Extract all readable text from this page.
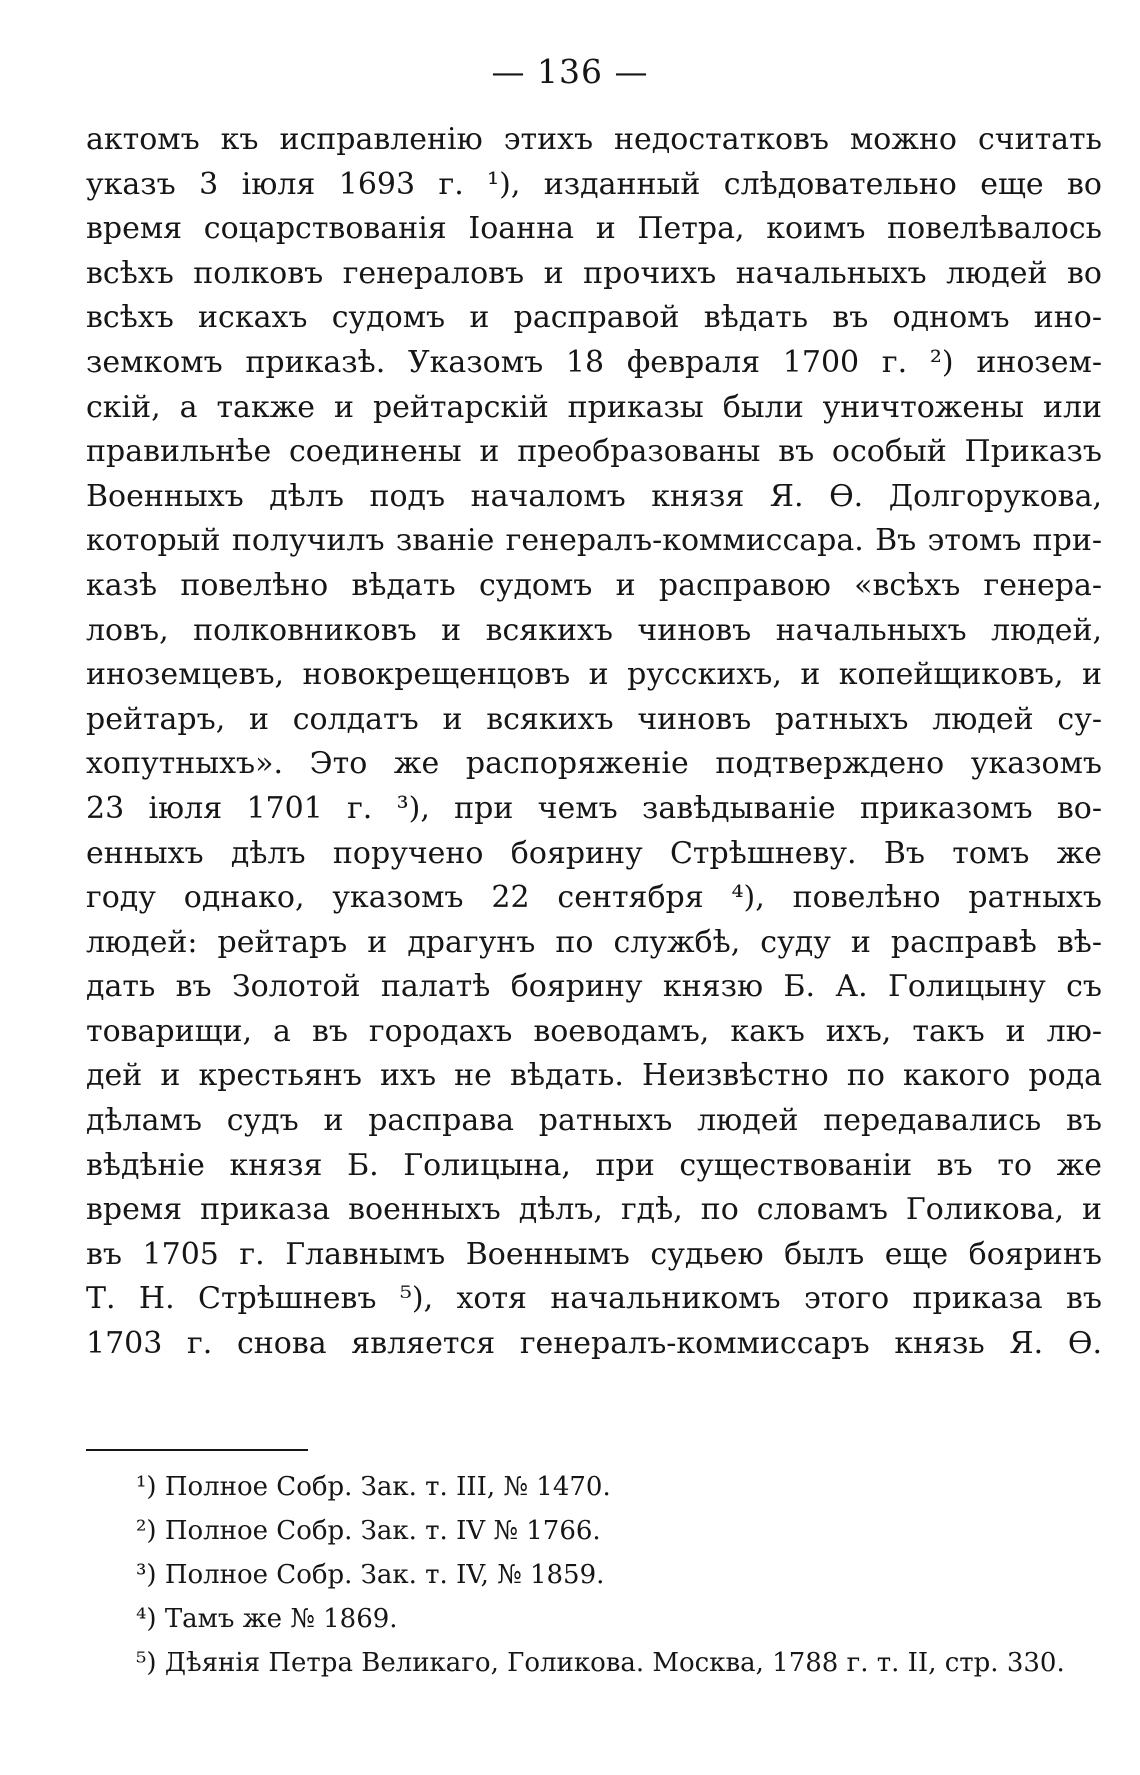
— 136 —
актомъ къ исправленію этихъ недостатковъ можно считать
указъ 3 іюля 1693 г. ¹), изданный слѣдовательно еще во
время соцарствованія Іоанна и Петра, коимъ повелѣвалось
всѣхъ полковъ генераловъ и прочихъ начальныхъ людей во
всѣхъ искахъ судомъ и расправой вѣдать въ одномъ ино-
земкомъ приказѣ. Указомъ 18 февраля 1700 г. ²) инозем-
скій, а также и рейтарскій приказы были уничтожены или
правильнѣе соединены и преобразованы въ особый Приказъ
Военныхъ дѣлъ подъ началомъ князя Я. Ѳ. Долгорукова,
который получилъ званіе генералъ-коммиссара. Въ этомъ при-
казѣ повелѣно вѣдать судомъ и расправою «всѣхъ генера-
ловъ, полковниковъ и всякихъ чиновъ начальныхъ людей,
иноземцевъ, новокрещенцовъ и русскихъ, и копейщиковъ, и
рейтаръ, и солдатъ и всякихъ чиновъ ратныхъ людей су-
хопутныхъ». Это же распоряженіе подтверждено указомъ
23 іюля 1701 г. ³), при чемъ завѣдываніе приказомъ во-
енныхъ дѣлъ поручено боярину Стрѣшневу. Въ томъ же
году однако, указомъ 22 сентября ⁴), повелѣно ратныхъ
людей: рейтаръ и драгунъ по службѣ, суду и расправѣ вѣ-
дать въ Золотой палатѣ боярину князю Б. А. Голицыну съ
товарищи, а въ городахъ воеводамъ, какъ ихъ, такъ и лю-
дей и крестьянъ ихъ не вѣдать. Неизвѣстно по какого рода
дѣламъ судъ и расправа ратныхъ людей передавались въ
вѣдѣніе князя Б. Голицына, при существованіи въ то же
время приказа военныхъ дѣлъ, гдѣ, по словамъ Голикова, и
въ 1705 г. Главнымъ Военнымъ судьею былъ еще бояринъ
Т. Н. Стрѣшневъ ⁵), хотя начальникомъ этого приказа въ
1703 г. снова является генералъ-коммиссаръ князь Я. Ѳ.
¹) Полное Собр. Зак. т. III, № 1470.
²) Полное Собр. Зак. т. IV № 1766.
³) Полное Собр. Зак. т. IV, № 1859.
⁴) Тамъ же № 1869.
⁵) Дѣянія Петра Великаго, Голикова. Москва, 1788 г. т. II, стр. 330.
